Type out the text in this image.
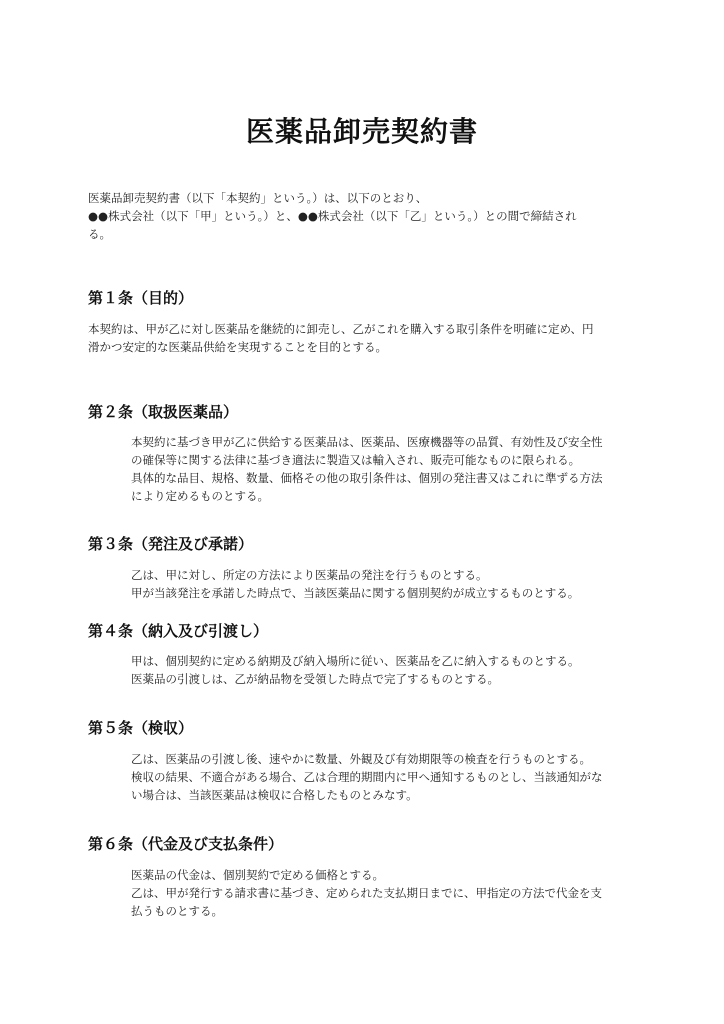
医薬品卸売契約書

医薬品卸売契約書（以下「本契約」という。）は、以下のとおり、

●●株式会社（以下「甲」という。）と、●●株式会社（以下「乙」という。）との間で締結され

る。

第１条（目的）

本契約は、甲が乙に対し医薬品を継続的に卸売し、乙がこれを購入する取引条件を明確に定め、円

滑かつ安定的な医薬品供給を実現することを目的とする。

第２条（取扱医薬品）

本契約に基づき甲が乙に供給する医薬品は、医薬品、医療機器等の品質、有効性及び安全性

の確保等に関する法律に基づき適法に製造又は輸入され、販売可能なものに限られる。

具体的な品目、規格、数量、価格その他の取引条件は、個別の発注書又はこれに準ずる方法

により定めるものとする。

第３条（発注及び承諾）

乙は、甲に対し、所定の方法により医薬品の発注を行うものとする。

甲が当該発注を承諾した時点で、当該医薬品に関する個別契約が成立するものとする。

第４条（納入及び引渡し）

甲は、個別契約に定める納期及び納入場所に従い、医薬品を乙に納入するものとする。

医薬品の引渡しは、乙が納品物を受領した時点で完了するものとする。

第５条（検収）

乙は、医薬品の引渡し後、速やかに数量、外観及び有効期限等の検査を行うものとする。

検収の結果、不適合がある場合、乙は合理的期間内に甲へ通知するものとし、当該通知がな

い場合は、当該医薬品は検収に合格したものとみなす。

第６条（代金及び支払条件）

医薬品の代金は、個別契約で定める価格とする。

乙は、甲が発行する請求書に基づき、定められた支払期日までに、甲指定の方法で代金を支

払うものとする。
